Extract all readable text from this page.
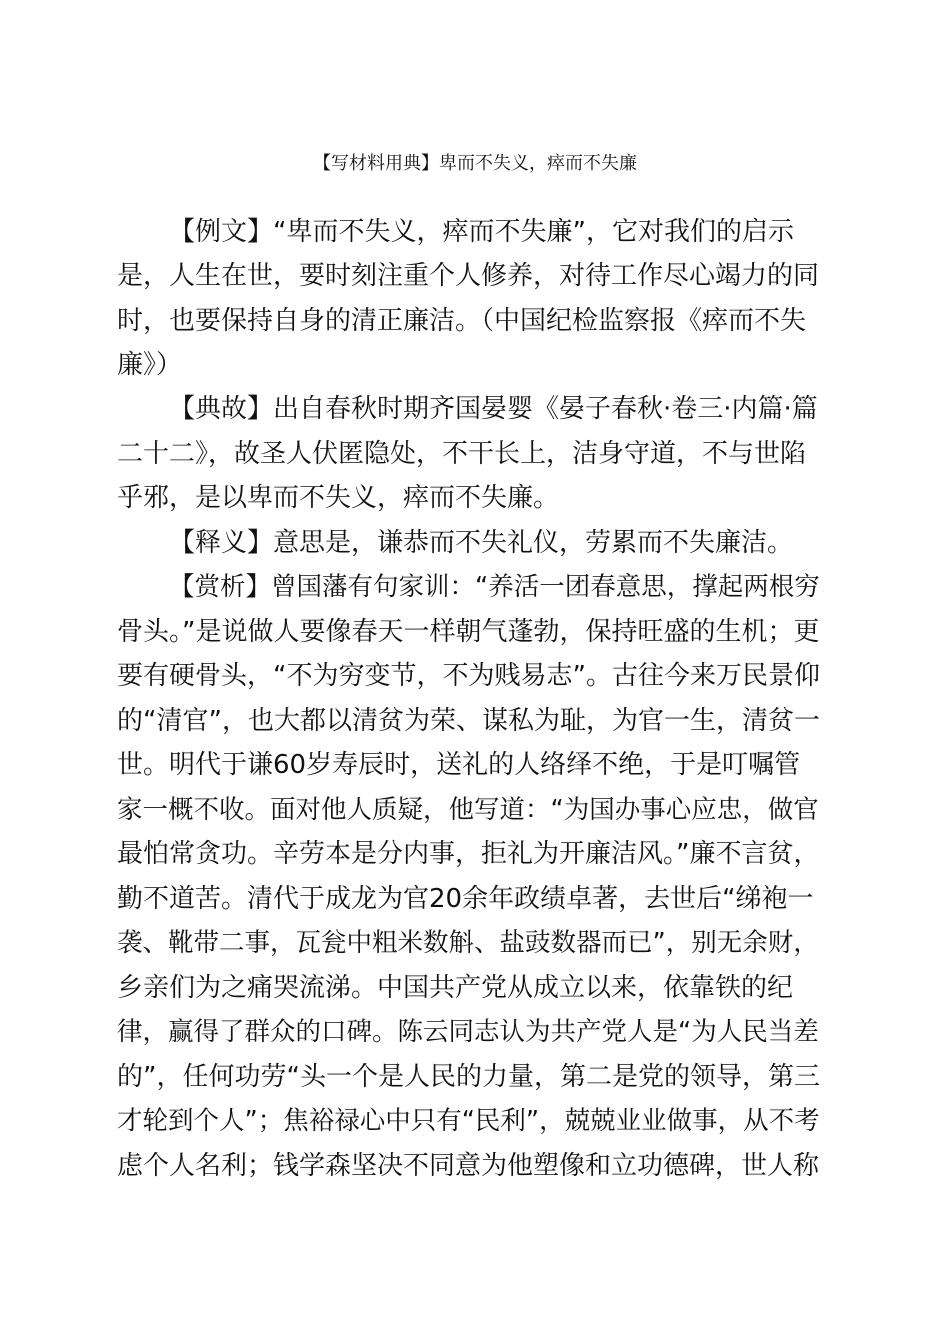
【写材料用典】卑而不失义，瘁而不失廉
【例文】“卑而不失义，瘁而不失廉”，它对我们的启示
是，人生在世，要时刻注重个人修养，对待工作尽心竭力的同
时，也要保持自身的清正廉洁。（中国纪检监察报《瘁而不失
廉》）
【典故】出自春秋时期齐国晏婴《晏子春秋·卷三·内篇·篇
二十二》，故圣人伏匿隐处，不干长上，洁身守道，不与世陷
乎邪，是以卑而不失义，瘁而不失廉。
【释义】意思是，谦恭而不失礼仪，劳累而不失廉洁。
【赏析】曾国藩有句家训：“养活一团春意思，撑起两根穷
骨头。”是说做人要像春天一样朝气蓬勃，保持旺盛的生机；更
要有硬骨头，“不为穷变节，不为贱易志”。古往今来万民景仰
的“清官”，也大都以清贫为荣、谋私为耻，为官一生，清贫一
世。明代于谦60岁寿辰时，送礼的人络绎不绝，于是叮嘱管
家一概不收。面对他人质疑，他写道：“为国办事心应忠，做官
最怕常贪功。辛劳本是分内事，拒礼为开廉洁风。”廉不言贫，
勤不道苦。清代于成龙为官20余年政绩卓著，去世后“绨袍一
袭、靴带二事，瓦瓮中粗米数斛、盐豉数器而已”，别无余财，
乡亲们为之痛哭流涕。中国共产党从成立以来，依靠铁的纪
律，赢得了群众的口碑。陈云同志认为共产党人是“为人民当差
的”，任何功劳“头一个是人民的力量，第二是党的领导，第三
才轮到个人”；焦裕禄心中只有“民利”，兢兢业业做事，从不考
虑个人名利；钱学森坚决不同意为他塑像和立功德碑，世人称
